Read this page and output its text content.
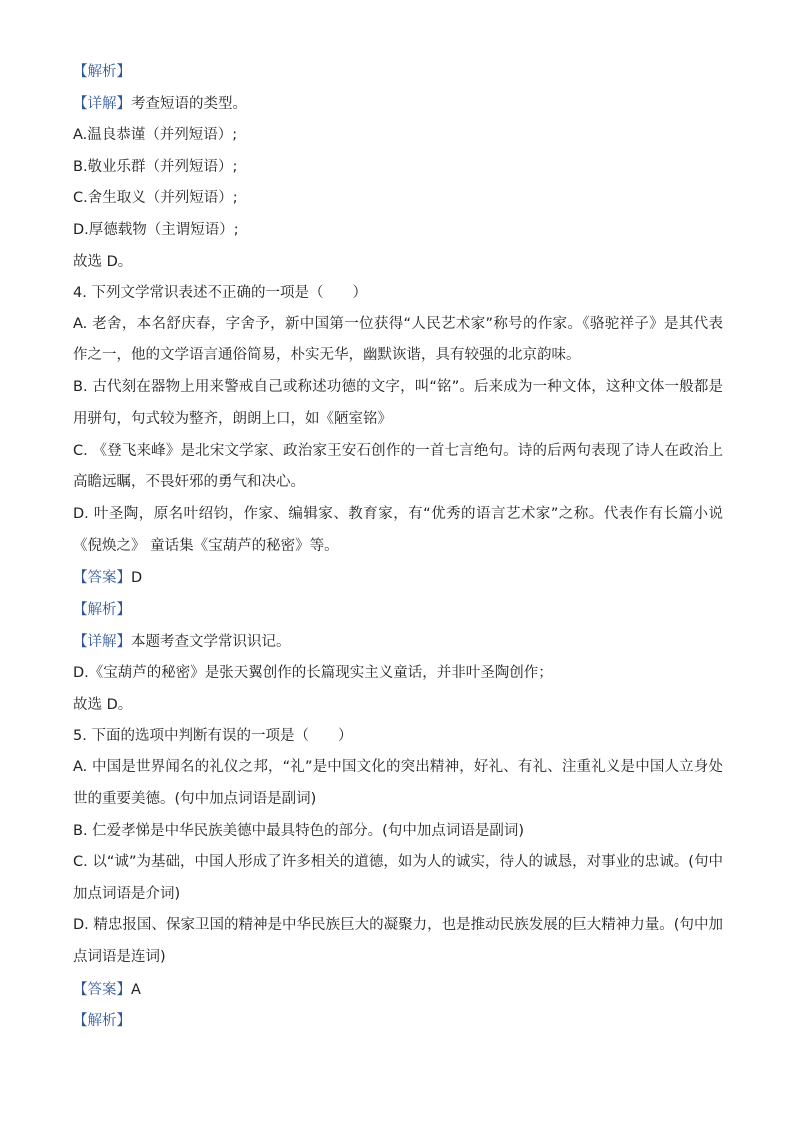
【解析】
【详解】考查短语的类型。
A.温良恭谨（并列短语）;
B.敬业乐群（并列短语）;
C.舍生取义（并列短语）;
D.厚德载物（主谓短语）;
故选 D。
4. 下列文学常识表述不正确的一项是（　　）
A. 老舍，本名舒庆春，字舍予，新中国第一位获得“人民艺术家”称号的作家。《骆驼祥子》是其代表作之一，他的文学语言通俗简易，朴实无华，幽默诙谐，具有较强的北京韵味。
B. 古代刻在器物上用来警戒自己或称述功德的文字，叫“铭”。后来成为一种文体，这种文体一般都是用骈句，句式较为整齐，朗朗上口，如《陋室铭》
C. 《登飞来峰》是北宋文学家、政治家王安石创作的一首七言绝句。诗的后两句表现了诗人在政治上高瞻远瞩，不畏奸邪的勇气和决心。
D. 叶圣陶，原名叶绍钧，作家、编辑家、教育家，有“优秀的语言艺术家”之称。代表作有长篇小说《倪焕之》 童话集《宝葫芦的秘密》等。
【答案】D
【解析】
【详解】本题考查文学常识识记。
D.《宝葫芦的秘密》是张天翼创作的长篇现实主义童话，并非叶圣陶创作；
故选 D。
5. 下面的选项中判断有误的一项是（　　）
A. 中国是世界闻名的礼仪之邦，“礼”是中国文化的突出精神，好礼、有礼、注重礼义是中国人立身处世的重要美德。(句中加点词语是副词)
B. 仁爱孝悌是中华民族美德中最具特色的部分。(句中加点词语是副词)
C. 以“诚”为基础，中国人形成了许多相关的道德，如为人的诚实，待人的诚恳，对事业的忠诚。(句中加点词语是介词)
D. 精忠报国、保家卫国的精神是中华民族巨大的凝聚力，也是推动民族发展的巨大精神力量。(句中加点词语是连词)
【答案】A
【解析】
